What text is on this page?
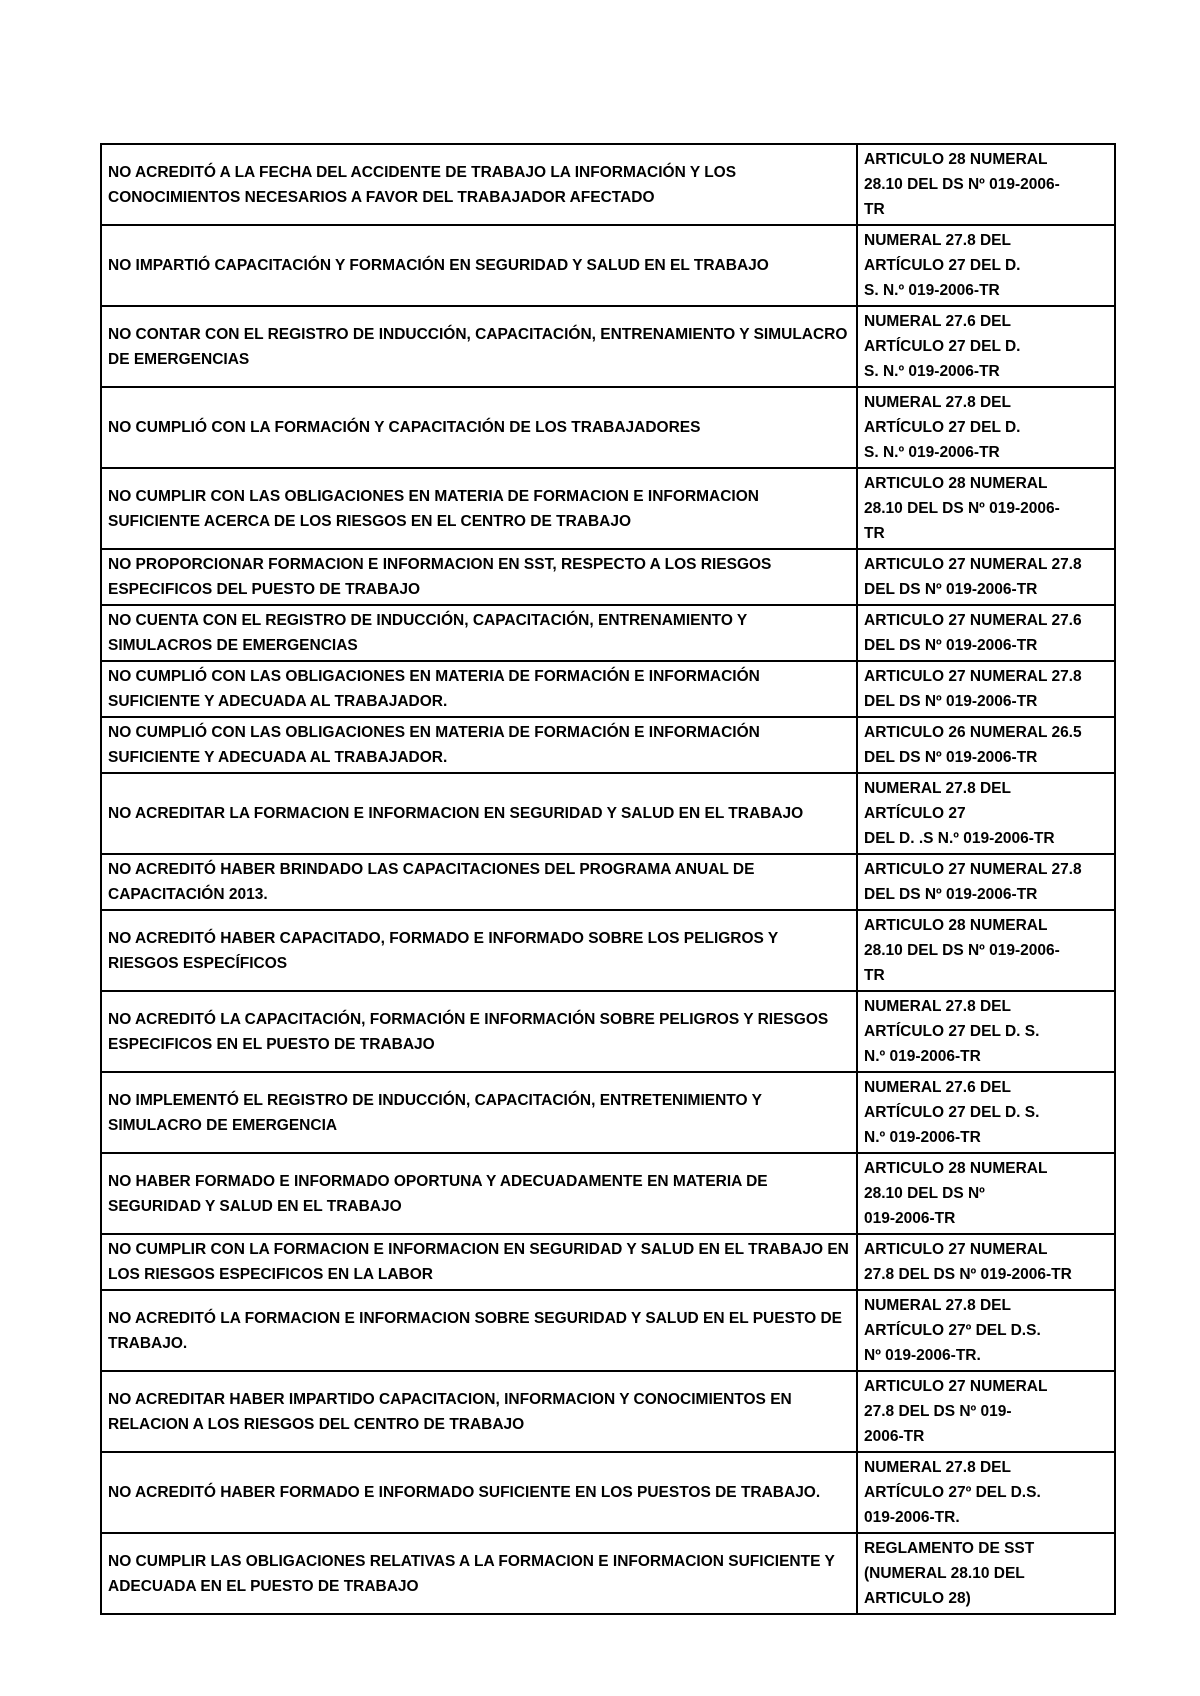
NO ACREDITÓ A LA FECHA DEL ACCIDENTE DE TRABAJO LA INFORMACIÓN Y LOS CONOCIMIENTOS NECESARIOS A FAVOR DEL TRABAJADOR AFECTADO	ARTICULO 28 NUMERAL
28.10 DEL DS Nº 019-2006-
TR

NO IMPARTIÓ CAPACITACIÓN Y FORMACIÓN EN SEGURIDAD Y SALUD EN EL TRABAJO	NUMERAL 27.8 DEL
ARTÍCULO 27 DEL D.
S. N.º 019-2006-TR

NO CONTAR CON EL REGISTRO DE INDUCCIÓN, CAPACITACIÓN, ENTRENAMIENTO Y SIMULACRO DE EMERGENCIAS	NUMERAL 27.6 DEL
ARTÍCULO 27 DEL D.
S. N.º 019-2006-TR

NO CUMPLIÓ CON LA FORMACIÓN Y CAPACITACIÓN DE LOS TRABAJADORES	NUMERAL 27.8 DEL
ARTÍCULO 27 DEL D.
S. N.º 019-2006-TR

NO CUMPLIR CON LAS OBLIGACIONES EN MATERIA DE FORMACION E INFORMACION SUFICIENTE ACERCA DE LOS RIESGOS EN EL CENTRO DE TRABAJO	ARTICULO 28 NUMERAL
28.10 DEL DS Nº 019-2006-
TR

NO PROPORCIONAR FORMACION E INFORMACION EN SST, RESPECTO A LOS RIESGOS ESPECIFICOS DEL PUESTO DE TRABAJO	ARTICULO 27 NUMERAL 27.8
DEL DS Nº 019-2006-TR

NO CUENTA CON EL REGISTRO DE INDUCCIÓN, CAPACITACIÓN, ENTRENAMIENTO Y SIMULACROS DE EMERGENCIAS	ARTICULO 27 NUMERAL 27.6
DEL DS Nº 019-2006-TR

NO CUMPLIÓ CON LAS OBLIGACIONES EN MATERIA DE FORMACIÓN E INFORMACIÓN SUFICIENTE Y ADECUADA AL TRABAJADOR.	ARTICULO 27 NUMERAL 27.8
DEL DS Nº 019-2006-TR

NO CUMPLIÓ CON LAS OBLIGACIONES EN MATERIA DE FORMACIÓN E INFORMACIÓN SUFICIENTE Y ADECUADA AL TRABAJADOR.	ARTICULO 26 NUMERAL 26.5
DEL DS Nº 019-2006-TR

NO ACREDITAR LA FORMACION E INFORMACION EN SEGURIDAD Y SALUD EN EL TRABAJO	NUMERAL 27.8 DEL
ARTÍCULO 27
DEL D. .S N.º 019-2006-TR

NO ACREDITÓ HABER BRINDADO LAS CAPACITACIONES DEL PROGRAMA ANUAL DE CAPACITACIÓN 2013.	ARTICULO 27 NUMERAL 27.8
DEL DS Nº 019-2006-TR

NO ACREDITÓ HABER CAPACITADO, FORMADO E INFORMADO SOBRE LOS PELIGROS Y RIESGOS ESPECÍFICOS	ARTICULO 28 NUMERAL
28.10 DEL DS Nº 019-2006-
TR

NO ACREDITÓ LA CAPACITACIÓN, FORMACIÓN E INFORMACIÓN SOBRE PELIGROS Y RIESGOS ESPECIFICOS EN EL PUESTO DE TRABAJO	NUMERAL 27.8 DEL
ARTÍCULO 27 DEL D. S.
N.º 019-2006-TR

NO IMPLEMENTÓ EL REGISTRO DE INDUCCIÓN, CAPACITACIÓN, ENTRETENIMIENTO Y SIMULACRO DE EMERGENCIA	NUMERAL 27.6 DEL
ARTÍCULO 27 DEL D. S.
N.º 019-2006-TR

NO HABER FORMADO E INFORMADO OPORTUNA Y ADECUADAMENTE EN MATERIA DE SEGURIDAD Y SALUD EN EL TRABAJO	ARTICULO 28 NUMERAL
28.10 DEL DS Nº
019-2006-TR

NO CUMPLIR CON LA FORMACION E INFORMACION EN SEGURIDAD Y SALUD EN EL TRABAJO EN LOS RIESGOS ESPECIFICOS EN LA LABOR	ARTICULO 27 NUMERAL
27.8 DEL DS Nº 019-2006-TR

NO ACREDITÓ LA FORMACION E INFORMACION SOBRE SEGURIDAD Y SALUD EN EL PUESTO DE TRABAJO.	NUMERAL 27.8 DEL
ARTÍCULO 27º DEL D.S.
Nº 019-2006-TR.

NO ACREDITAR HABER IMPARTIDO CAPACITACION, INFORMACION Y CONOCIMIENTOS EN RELACION A LOS RIESGOS DEL CENTRO DE TRABAJO	ARTICULO 27 NUMERAL
27.8 DEL DS Nº 019-
2006-TR

NO ACREDITÓ HABER FORMADO E INFORMADO SUFICIENTE EN LOS PUESTOS DE TRABAJO.	NUMERAL 27.8 DEL
ARTÍCULO 27º DEL D.S.
019-2006-TR.

NO CUMPLIR LAS OBLIGACIONES RELATIVAS A LA FORMACION E INFORMACION SUFICIENTE Y ADECUADA EN EL PUESTO DE TRABAJO	REGLAMENTO DE SST
(NUMERAL 28.10 DEL
ARTICULO 28)
